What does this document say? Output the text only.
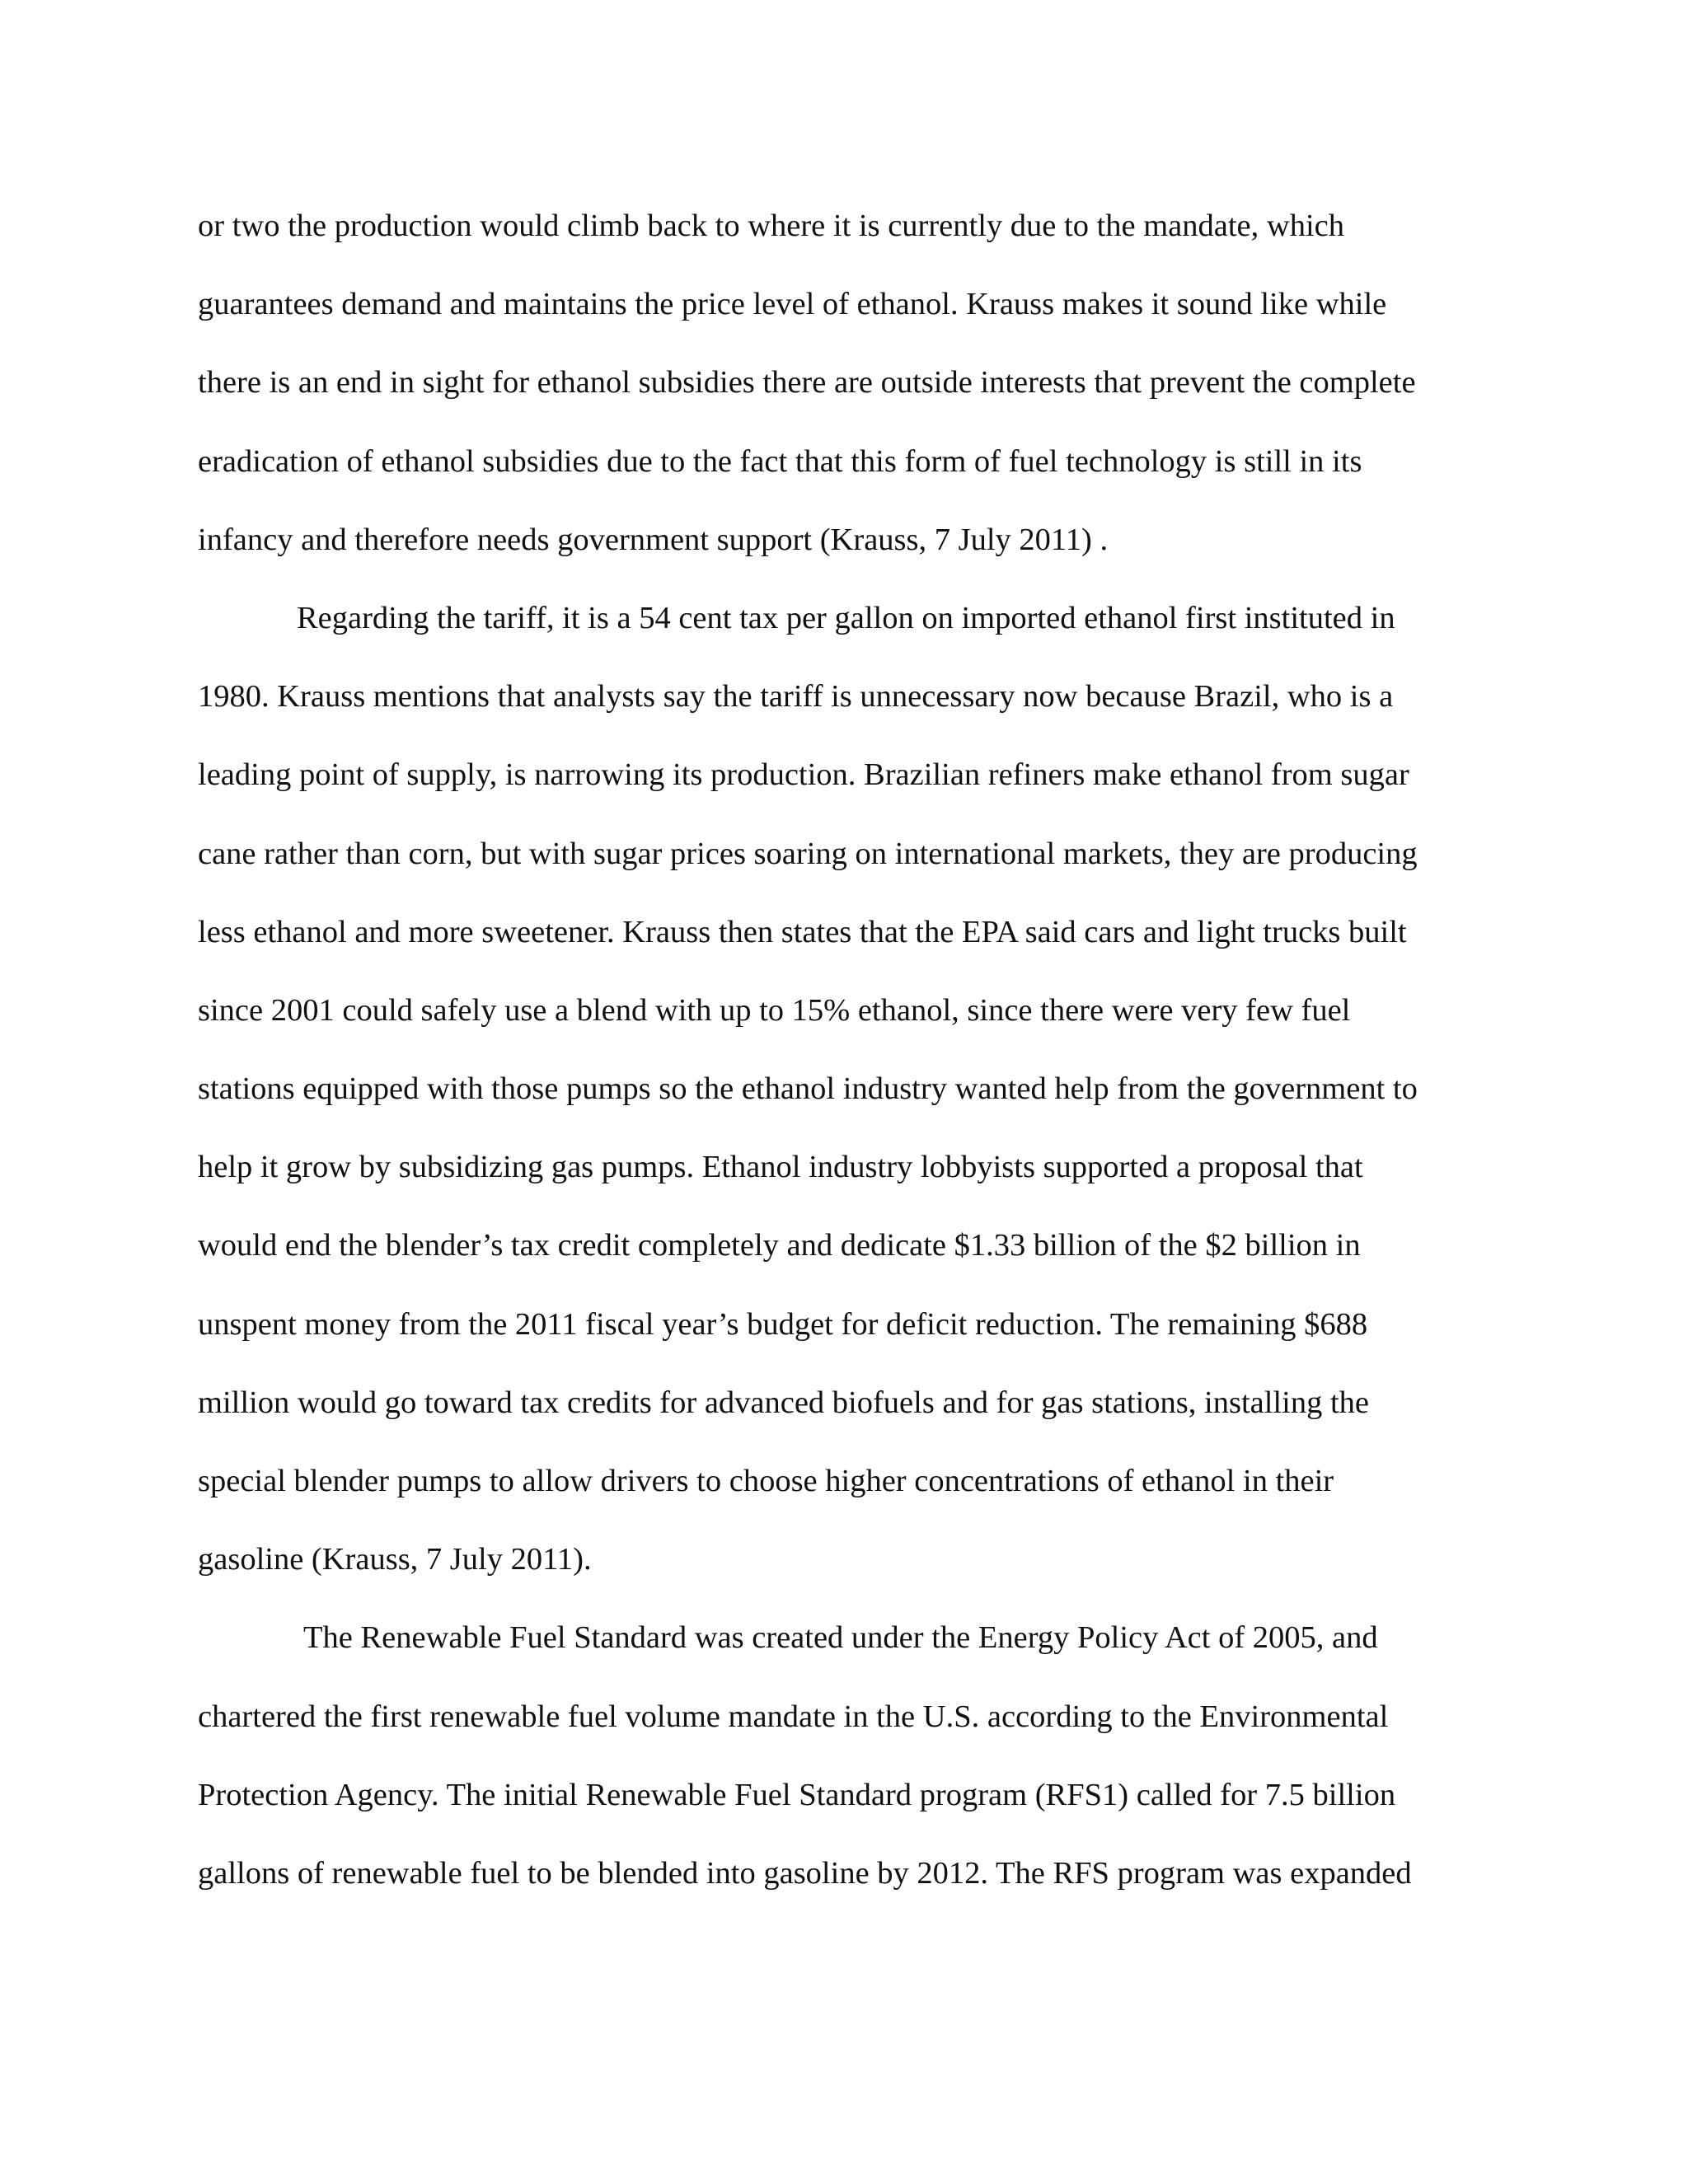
or two the production would climb back to where it is currently due to the mandate, which
guarantees demand and maintains the price level of ethanol. Krauss makes it sound like while
there is an end in sight for ethanol subsidies there are outside interests that prevent the complete
eradication of ethanol subsidies due to the fact that this form of fuel technology is still in its
infancy and therefore needs government support (Krauss, 7 July 2011) .
Regarding the tariff, it is a 54 cent tax per gallon on imported ethanol first instituted in
1980. Krauss mentions that analysts say the tariff is unnecessary now because Brazil, who is a
leading point of supply, is narrowing its production. Brazilian refiners make ethanol from sugar
cane rather than corn, but with sugar prices soaring on international markets, they are producing
less ethanol and more sweetener. Krauss then states that the EPA said cars and light trucks built
since 2001 could safely use a blend with up to 15% ethanol, since there were very few fuel
stations equipped with those pumps so the ethanol industry wanted help from the government to
help it grow by subsidizing gas pumps. Ethanol industry lobbyists supported a proposal that
would end the blender’s tax credit completely and dedicate $1.33 billion of the $2 billion in
unspent money from the 2011 fiscal year’s budget for deficit reduction. The remaining $688
million would go toward tax credits for advanced biofuels and for gas stations, installing the
special blender pumps to allow drivers to choose higher concentrations of ethanol in their
gasoline (Krauss, 7 July 2011).
The Renewable Fuel Standard was created under the Energy Policy Act of 2005, and
chartered the first renewable fuel volume mandate in the U.S. according to the Environmental
Protection Agency. The initial Renewable Fuel Standard program (RFS1) called for 7.5 billion
gallons of renewable fuel to be blended into gasoline by 2012. The RFS program was expanded
